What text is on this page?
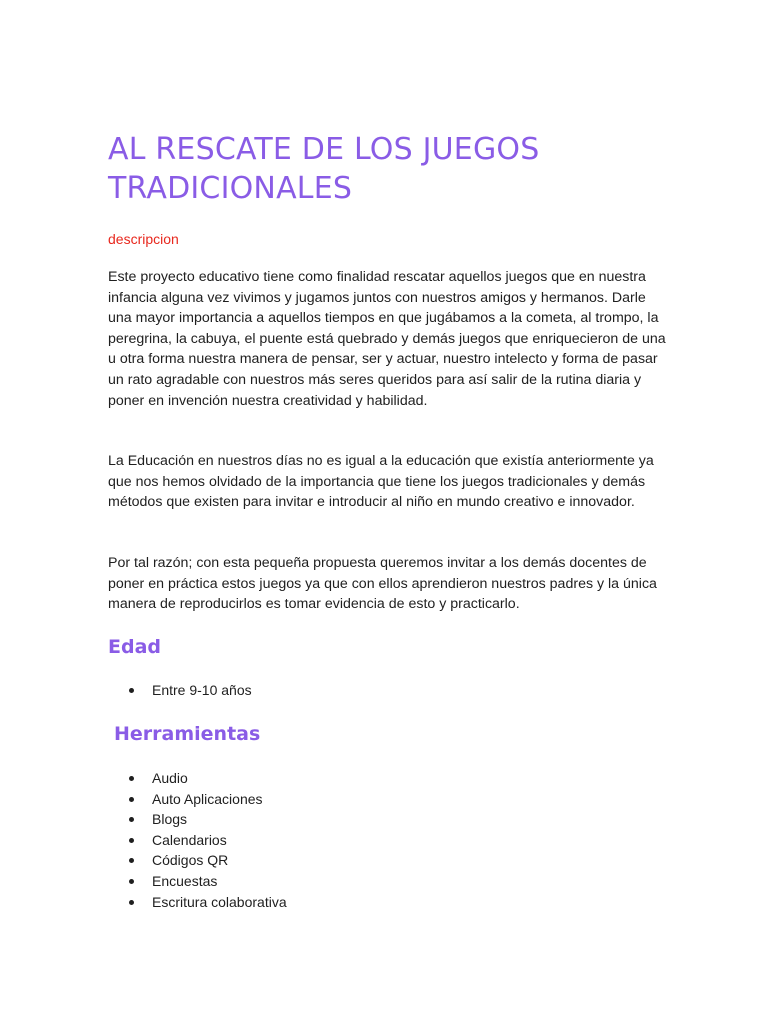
AL RESCATE DE LOS JUEGOS TRADICIONALES

descripcion

Este proyecto educativo tiene como finalidad rescatar aquellos juegos que en nuestra infancia alguna vez vivimos y jugamos juntos con nuestros amigos y hermanos. Darle una mayor importancia a aquellos tiempos en que jugábamos a la cometa, al trompo, la peregrina, la cabuya, el puente está quebrado y demás juegos que enriquecieron de una u otra forma nuestra manera de pensar, ser y actuar, nuestro intelecto y forma de pasar un rato agradable con nuestros más seres queridos para así salir de la rutina diaria y poner en invención nuestra creatividad y habilidad.

La Educación en nuestros días no es igual a la educación que existía anteriormente ya que nos hemos olvidado de la importancia que tiene los juegos tradicionales y demás métodos que existen para invitar e introducir al niño en mundo creativo e innovador.

Por tal razón; con esta pequeña propuesta queremos invitar a los demás docentes de poner en práctica estos juegos ya que con ellos aprendieron nuestros padres y la única manera de reproducirlos es tomar evidencia de esto y practicarlo.

Edad
Entre 9-10 años
Herramientas
Audio
Auto Aplicaciones
Blogs
Calendarios
Códigos QR
Encuestas
Escritura colaborativa
